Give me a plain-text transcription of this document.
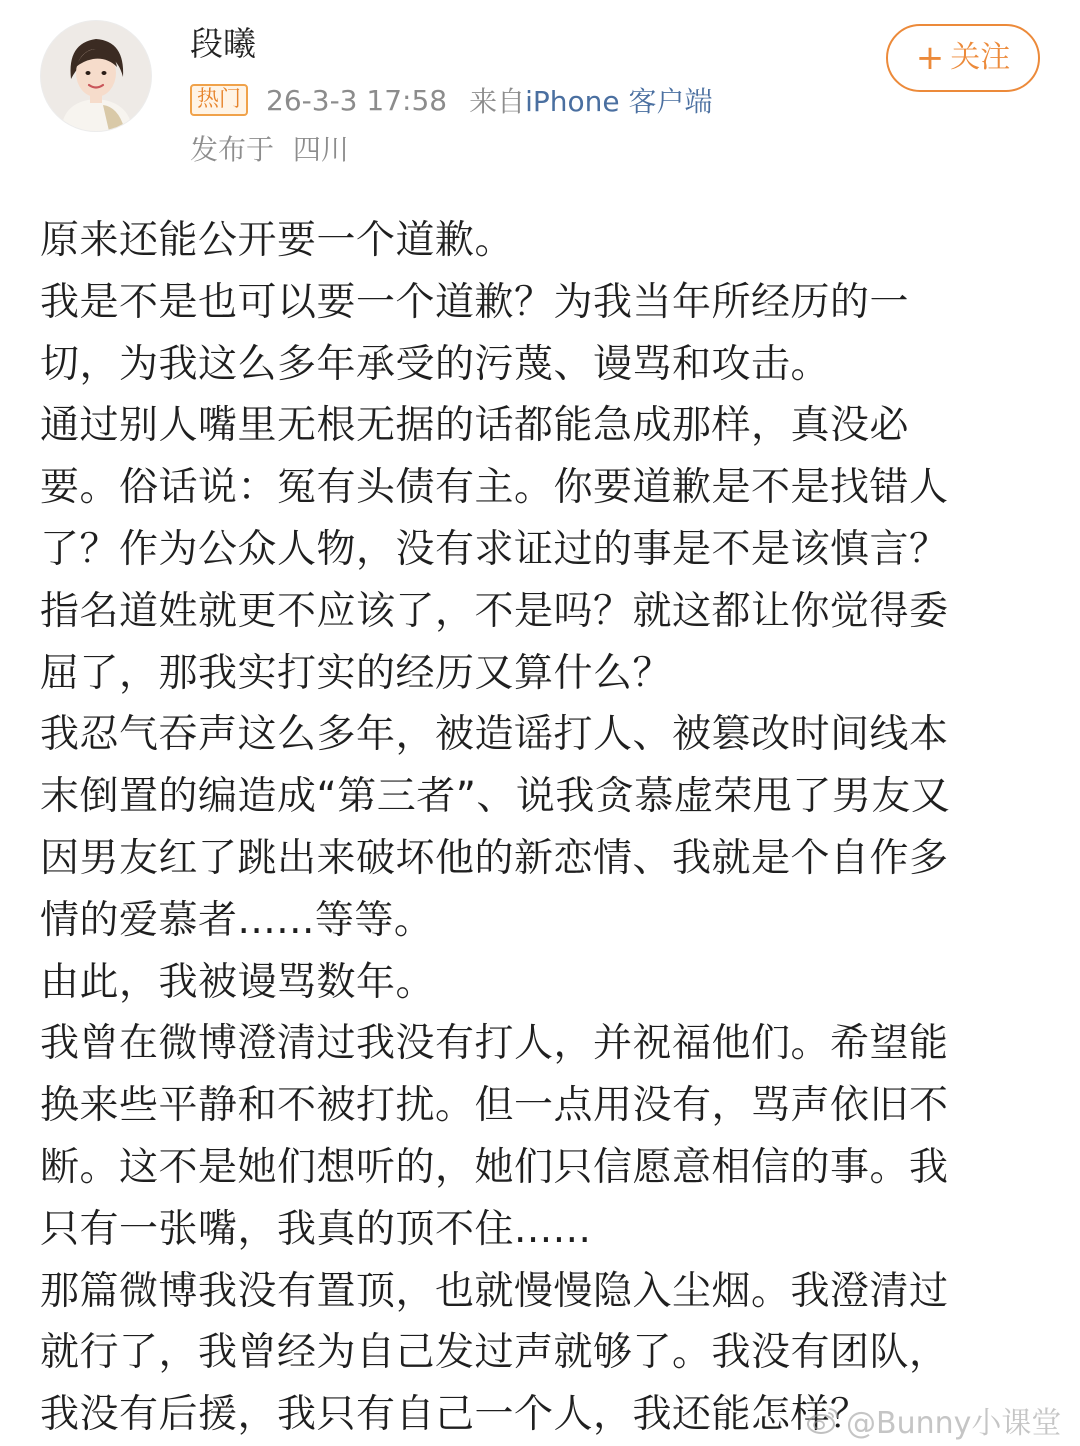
段曦
热门 26-3-3 17:58 来自 iPhone 客户端
发布于 四川
+ 关注
原来还能公开要一个道歉。
我是不是也可以要一个道歉？为我当年所经历的一
切，为我这么多年承受的污蔑、谩骂和攻击。
通过别人嘴里无根无据的话都能急成那样，真没必
要。俗话说：冤有头债有主。你要道歉是不是找错人
了？作为公众人物，没有求证过的事是不是该慎言？
指名道姓就更不应该了，不是吗？就这都让你觉得委
屈了，那我实打实的经历又算什么？
我忍气吞声这么多年，被造谣打人、被篡改时间线本
末倒置的编造成“第三者”、说我贪慕虚荣甩了男友又
因男友红了跳出来破坏他的新恋情、我就是个自作多
情的爱慕者......等等。
由此，我被谩骂数年。
我曾在微博澄清过我没有打人，并祝福他们。希望能
换来些平静和不被打扰。但一点用没有，骂声依旧不
断。这不是她们想听的，她们只信愿意相信的事。我
只有一张嘴，我真的顶不住......
那篇微博我没有置顶，也就慢慢隐入尘烟。我澄清过
就行了，我曾经为自己发过声就够了。我没有团队，
我没有后援，我只有自己一个人，我还能怎样？
@Bunny小课堂
